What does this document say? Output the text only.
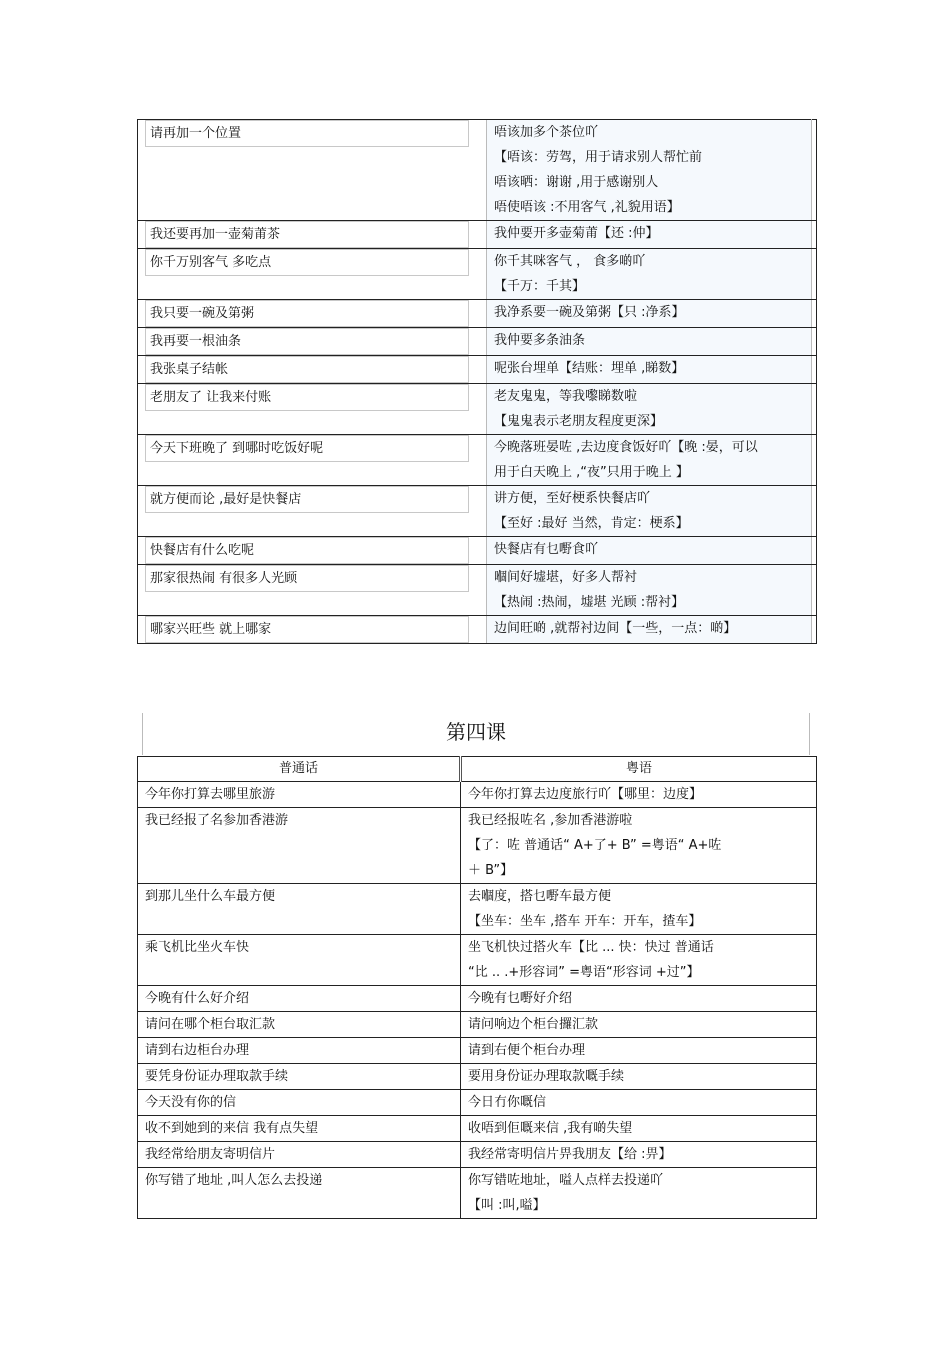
请再加一个位置		唔该加多个茶位吖
【唔该：劳驾，用于请求别人帮忙前
唔该晒：谢谢 ,用于感谢别人
唔使唔该 :不用客气 ,礼貌用语】	

我还要再加一壶菊莆茶		我仲要开多壶菊莆【还 :仲】	

你千万别客气 多吃点		你千其咪客气 ， 食多啲吖
【千万：千其】	

我只要一碗及第粥		我净系要一碗及第粥【只 :净系】	

我再要一根油条		我仲要多条油条	

我张桌子结帐		呢张台埋单【结账：埋单 ,睇数】	

老朋友了 让我来付账		老友鬼鬼，等我嚟睇数啦
【鬼鬼表示老朋友程度更深】	

今天下班晚了 到哪时吃饭好呢		今晚落班晏咗 ,去边度食饭好吖【晚 :晏，可以
用于白天晚上 ,“夜”只用于晚上 】	

就方便而论 ,最好是快餐店		讲方便，至好梗系快餐店吖
【至好 :最好 当然，肯定：梗系】	

快餐店有什么吃呢		快餐店有乜嘢食吖	

那家很热闹 有很多人光顾		嗰间好墟堪，好多人帮衬
【热闹 :热闹，墟堪 光顾 :帮衬】	

哪家兴旺些 就上哪家		边间旺啲 ,就帮衬边间【一些，一点：啲】	

第四课
普通话	粤语

今年你打算去哪里旅游	今年你打算去边度旅行吖【哪里：边度】

我已经报了名参加香港游	我已经报咗名 ,参加香港游啦
【了：咗 普通话“ A+了+ B” =粤语“ A+咗
＋ B”】

到那儿坐什么车最方便	去嗰度，搭乜嘢车最方便
【坐车：坐车 ,搭车 开车：开车，揸车】

乘飞机比坐火车快	坐飞机快过搭火车【比 ... 快：快过 普通话
“比 .. .+形容词” =粤语“形容词 +过”】

今晚有什么好介绍	今晚有乜嘢好介绍

请问在哪个柜台取汇款	请问响边个柜台攞汇款

请到右边柜台办理	请到右便个柜台办理

要凭身份证办理取款手续	要用身份证办理取款嘅手续

今天没有你的信	今日冇你嘅信

收不到她到的来信 我有点失望	收唔到佢嘅来信 ,我有啲失望

我经常给朋友寄明信片	我经常寄明信片畀我朋友【给 :畀】

你写错了地址 ,叫人怎么去投递	你写错咗地址，嗌人点样去投递吖
【叫 :叫,嗌】
